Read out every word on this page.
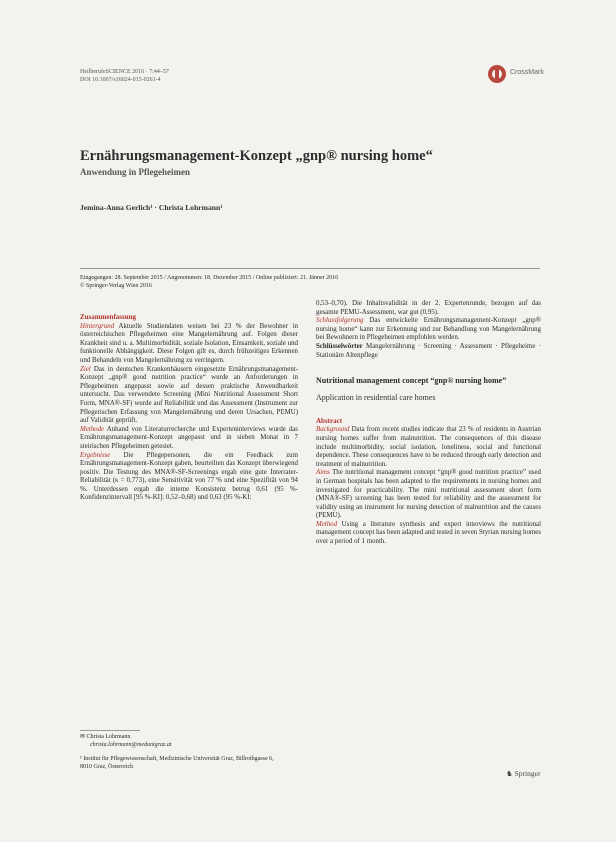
HeilberufeSCIENCE 2016 · 7:44–57
DOI 10.1007/s16024-015-0261-4
CrossMark
Ernährungsmanagement-Konzept „gnp® nursing home“
Anwendung in Pflegeheimen
Jemina-Anna Gerlich¹ · Christa Lohrmann¹
Eingegangen: 28. September 2015 / Angenommen: 18. Dezember 2015 / Online publiziert: 21. Jänner 2016
© Springer-Verlag Wien 2016
Zusammenfassung

Hintergrund Aktuelle Studiendaten weisen bei 23 % der Bewohner in österreichischen Pflegeheimen eine Mangelernährung auf. Folgen dieser Krankheit sind u. a. Multimorbidität, soziale Isolation, Einsamkeit, soziale und funktionelle Abhängigkeit. Diese Folgen gilt es, durch frühzeitiges Erkennen und Behandeln von Mangelernährung zu verringern.

Ziel Das in deutschen Krankenhäusern eingesetzte Ernährungsmanagement-Konzept „gnp® good nutrition practice“ wurde an Anforderungen in Pflegeheimen angepasst sowie auf dessen praktische Anwendbarkeit untersucht. Das verwendete Screening (Mini Nutritional Assessment Short Form, MNA®-SF) wurde auf Reliabilität und das Assessment (Instrument zur Pflegerischen Erfassung von Mangelernährung und deren Ursachen, PEMU) auf Validität geprüft.

Methode Anhand von Literaturrecherche und Experteninterviews wurde das Ernährungsmanagement-Konzept angepasst und in sieben Monat in 7 steirischen Pflegeheimen getestet.

Ergebnisse Die Pflegepersonen, die ein Feedback zum Ernährungsmanagement-Konzept gaben, beurteilten das Konzept überwiegend positiv. Die Testung des MNA®-SF-Screenings ergab eine gute Interrater-Reliabilität (κ = 0,773), eine Sensitivität von 77 % und eine Spezifität von 94 %. Unterdessen ergab die interne Konsistenz betrug 0,61 (95 %-Konfidenzintervall [95 %-KI]: 0,52–0,68) und 0,63 (95 %-KI:

0,53–0,70). Die Inhaltsvalidität in der 2. Expertenrunde, bezogen auf das gesamte PEMU-Assessment, war gut (0,95).

Schlussfolgerung Das entwickelte Ernährungsmanagement-Konzept „gnp® nursing home“ kann zur Erkennung und zur Behandlung von Mangelernährung bei Bewohnern in Pflegeheimen empfohlen werden.

Schlüsselwörter Mangelernährung · Screening · Assessment · Pflegeheime · Stationäre Altenpflege

Nutritional management concept “gnp® nursing home”
Application in residential care homes
Abstract

Background Data from recent studies indicate that 23 % of residents in Austrian nursing homes suffer from malnutrition. The consequences of this disease include multimorbidity, social isolation, loneliness, social and functional dependence. These consequences have to be reduced through early detection and treatment of malnutrition.

Aims The nutritional management concept “gnp® good nutrition practice” used in German hospitals has been adapted to the requirements in nursing homes and investigated for practicability. The mini nutritional assessment short form (MNA®-SF) screening has been tested for reliability and the assessment for validity using an instrument for nursing detection of malnutrition and the causes (PEMU).

Method Using a literature synthesis and expert interviews the nutritional management concept has been adapted and tested in seven Styrian nursing homes over a period of 1 month.

✉ Christa Lohrmann
christa.lohrmann@medunigraz.at
¹ Institut für Pflegewissenschaft, Medizinische Universität Graz, Billrothgasse 6, 8010 Graz, Österreich
♞ Springer
